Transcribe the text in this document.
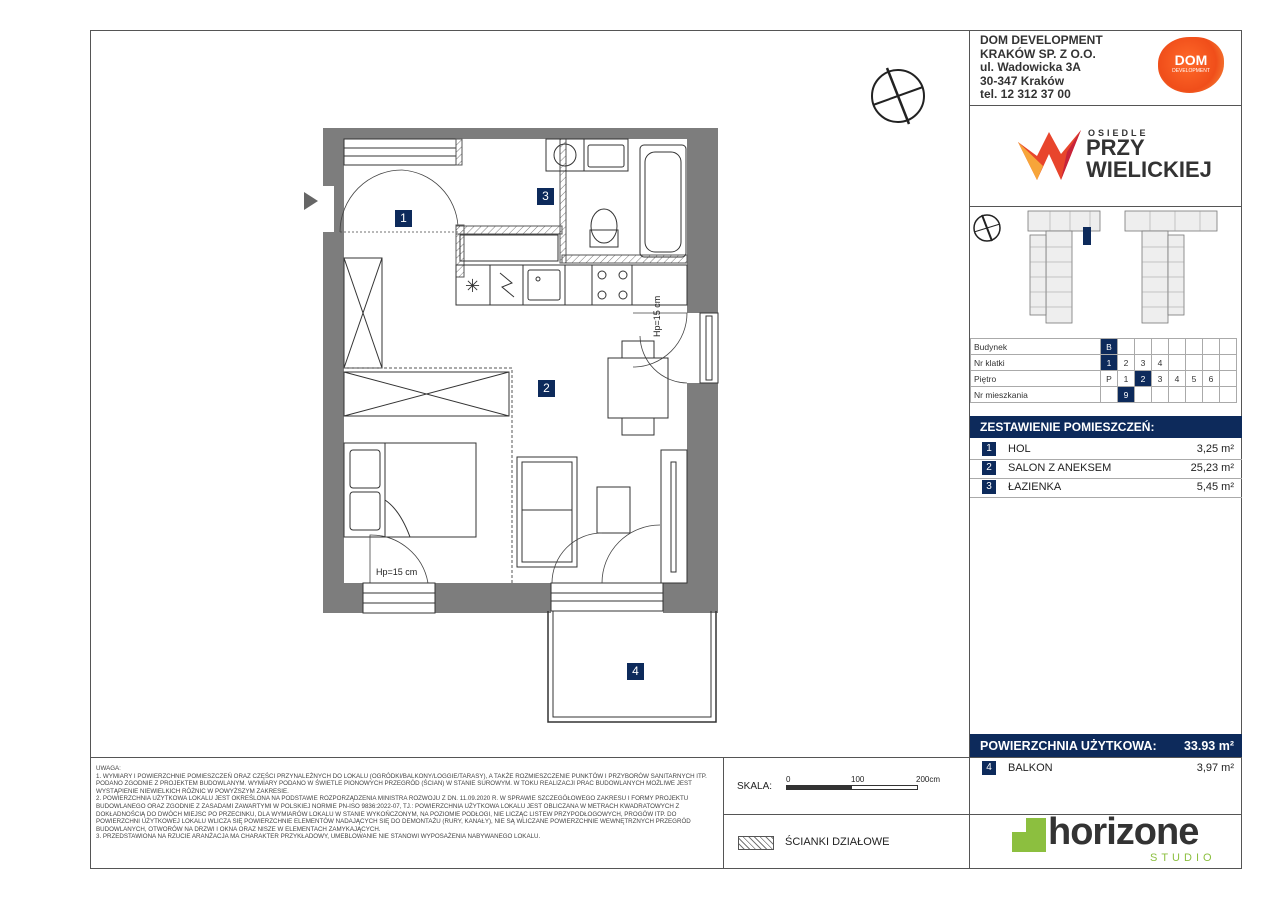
✳
1
3
2
4
Hp=15 cm
Hp=15 cm
DOM DEVELOPMENT
KRAKÓW SP. Z O.O.
ul. Wadowicka 3A
30-347 Kraków
tel. 12 312 37 00
DOM
DEVELOPMENT
OSIEDLE
PRZY
WIELICKIEJ
Budynek	B							
Nr klatki	1	2	3	4				
Piętro	P	1	2	3	4	5	6	
Nr mieszkania		9						
ZESTAWIENIE POMIESZCZEŃ:
1	HOL	3,25 m²
2	SALON Z ANEKSEM	25,23 m²
3	ŁAZIENKA	5,45 m²
POWIERZCHNIA UŻYTKOWA: 33.93 m²
4	BALKON	3,97 m²
UWAGA:
1. WYMIARY I POWIERZCHNIE POMIESZCZEŃ ORAZ CZĘŚCI PRZYNALEŻNYCH DO LOKALU (OGRÓDKI/BALKONY/LOGGIE/TARASY), A TAKŻE ROZMIESZCZENIE PUNKTÓW I PRZYBORÓW SANITARNYCH ITP. PODANO ZGODNIE Z PROJEKTEM BUDOWLANYM. WYMIARY PODANO W ŚWIETLE PIONOWYCH PRZEGRÓD (ŚCIAN) W STANIE SUROWYM. W TOKU REALIZACJI PRAC BUDOWLANYCH MOŻLIWE JEST WYSTĄPIENIE NIEWIELKICH RÓŻNIC W POWYŻSZYM ZAKRESIE.
2. POWIERZCHNIA UŻYTKOWA LOKALU JEST OKREŚLONA NA PODSTAWIE ROZPORZĄDZENIA MINISTRA ROZWOJU Z DN. 11.09.2020 R. W SPRAWIE SZCZEGÓŁOWEGO ZAKRESU I FORMY PROJEKTU BUDOWLANEGO ORAZ ZGODNIE Z ZASADAMI ZAWARTYMI W POLSKIEJ NORMIE PN-ISO 9836:2022-07, TJ.: POWIERZCHNIA UŻYTKOWA LOKALU JEST OBLICZANA W METRACH KWADRATOWYCH Z DOKŁADNOŚCIĄ DO DWÓCH MIEJSC PO PRZECINKU, DLA WYMIARÓW LOKALU W STANIE WYKOŃCZONYM, NA POZIOMIE PODŁOGI, NIE LICZĄC LISTEW PRZYPODŁOGOWYCH, PROGÓW ITP. DO POWIERZCHNI UŻYTKOWEJ LOKALU WLICZA SIĘ POWIERZCHNIE ELEMENTÓW NADAJĄCYCH SIĘ DO DEMONTAŻU (RURY, KANAŁY), NIE SĄ WLICZANE POWIERZCHNIE WEWNĘTRZNYCH PRZEGRÓD BUDOWLANYCH, OTWORÓW NA DRZWI I OKNA ORAZ NISZE W ELEMENTACH ZAMYKAJĄCYCH.
3. PRZEDSTAWIONA NA RZUCIE ARANŻACJA MA CHARAKTER PRZYKŁADOWY, UMEBLOWANIE NIE STANOWI WYPOSAŻENIA NABYWANEGO LOKALU.
SKALA:
0	100	200cm
ŚCIANKI DZIAŁOWE	horizone
STUDIO
